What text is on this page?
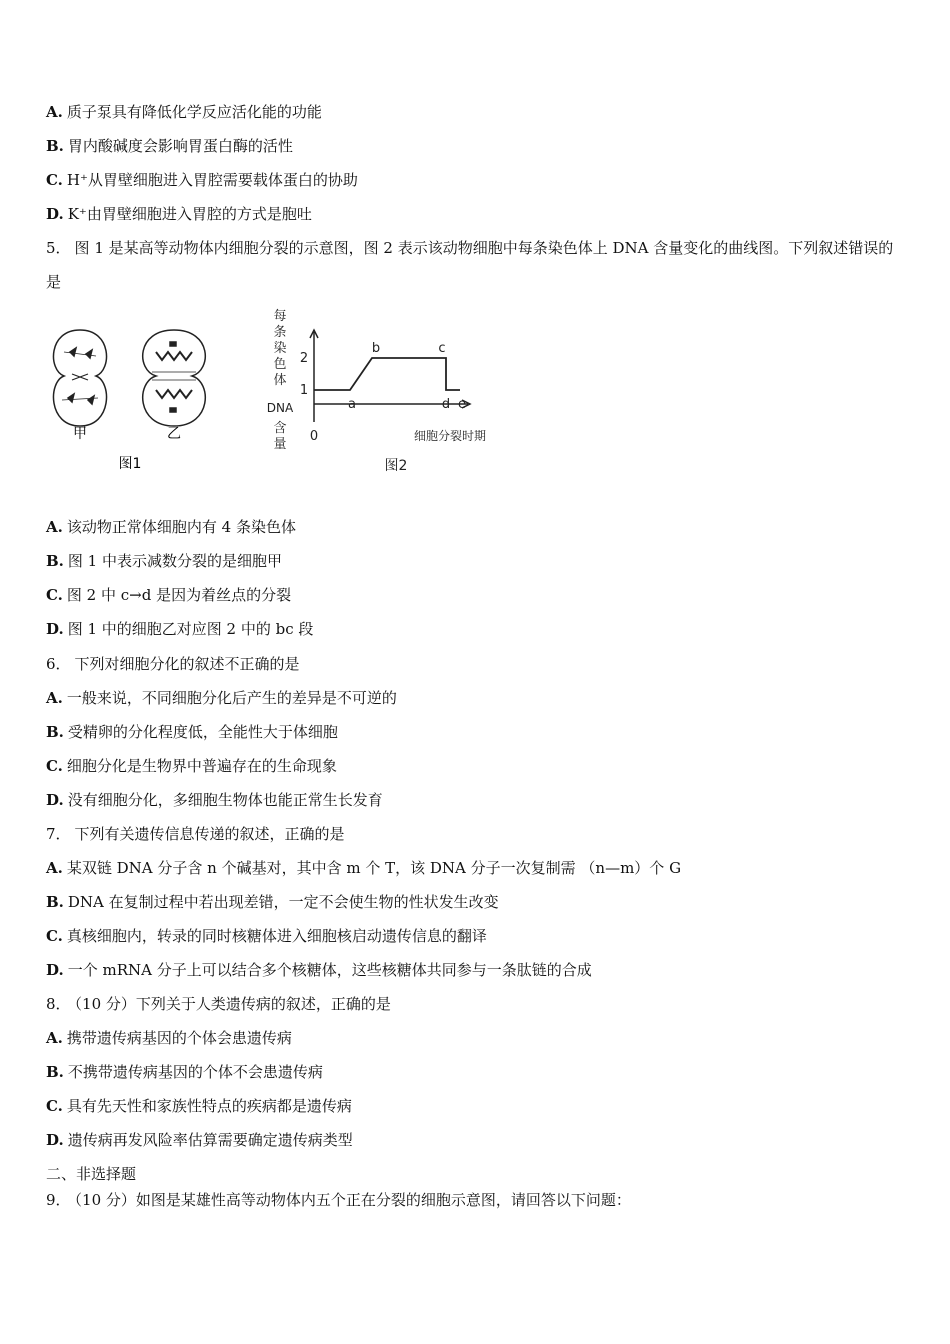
A. 质子泵具有降低化学反应活化能的功能
B. 胃内酸碱度会影响胃蛋白酶的活性
C. H⁺从胃壁细胞进入胃腔需要载体蛋白的协助
D. K⁺由胃壁细胞进入胃腔的方式是胞吐
5． 图 1 是某高等动物体内细胞分裂的示意图，图 2 表示该动物细胞中每条染色体上 DNA 含量变化的曲线图。下列叙述错误的是
甲	乙
图1
每
条
染
色
体
DNA
含
量
1
2
0
a
b	c
d e
细胞分裂时期
图2
A. 该动物正常体细胞内有 4 条染色体
B. 图 1 中表示减数分裂的是细胞甲
C. 图 2 中 c→d 是因为着丝点的分裂
D. 图 1 中的细胞乙对应图 2 中的 bc 段
6． 下列对细胞分化的叙述不正确的是
A. 一般来说，不同细胞分化后产生的差异是不可逆的
B. 受精卵的分化程度低，全能性大于体细胞
C. 细胞分化是生物界中普遍存在的生命现象
D. 没有细胞分化，多细胞生物体也能正常生长发育
7． 下列有关遗传信息传递的叙述，正确的是
A. 某双链 DNA 分子含 n 个碱基对，其中含 m 个 T，该 DNA 分子一次复制需 （n—m）个 G
B. DNA 在复制过程中若出现差错，一定不会使生物的性状发生改变
C. 真核细胞内，转录的同时核糖体进入细胞核启动遗传信息的翻译
D. 一个 mRNA 分子上可以结合多个核糖体，这些核糖体共同参与一条肽链的合成
8． （10 分）下列关于人类遗传病的叙述，正确的是
A. 携带遗传病基因的个体会患遗传病
B. 不携带遗传病基因的个体不会患遗传病
C. 具有先天性和家族性特点的疾病都是遗传病
D. 遗传病再发风险率估算需要确定遗传病类型
二、非选择题
9． （10 分）如图是某雄性高等动物体内五个正在分裂的细胞示意图，请回答以下问题：
